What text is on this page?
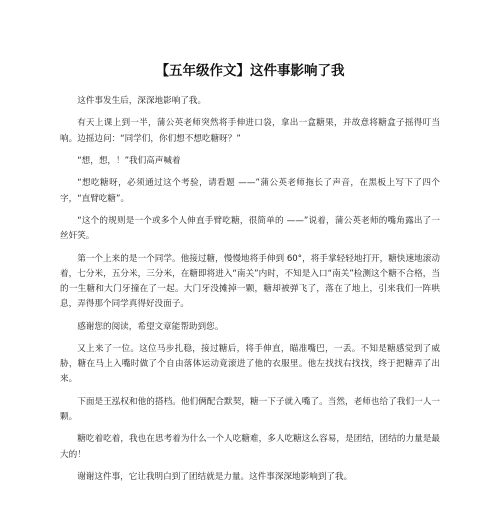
【五年级作文】这件事影响了我

这件事发生后，深深地影响了我。

有天上课上到一半，蒲公英老师突然将手伸进口袋，拿出一盒糖果，并故意将糖盒子摇得叮当响。边摇边问：“同学们，你们想不想吃糖呀？”

“想，想，！”我们高声喊着

“想吃糖呀，必须通过这个考验，请看题 ——”蒲公英老师拖长了声音，在黑板上写下了四个字，“直臂吃糖”。

“这个的规则是一个或多个人伸直手臂吃糖，很简单的 ——”说着，蒲公英老师的嘴角露出了一丝奸笑。

第一个上来的是一个同学。他接过糖，慢慢地将手伸到 60°，将手掌轻轻地打开，糖快速地滚动着，七分米，五分米，三分米，在糖即将进入“南关”内时，不知是入口“南关”检测这个糖不合格，当的一生糖和大门牙撞在了一起。大门牙没摊掉一颗，糖却被弹飞了，落在了地上，引来我们一阵哄息，弄得那个同学真得好没面子。

感谢您的阅读，希望文章能帮助到您。

又上来了一位。这位马步扎稳，接过糖后，将手伸直，瞄准嘴巴，一丢。不知是糖感觉到了威胁，糖在马上入嘴时做了个自由落体运动竟滚进了他的衣服里。他左找找右找找，终于把糖弄了出来。

下面是王泓权和他的搭档。他们俩配合默契，糖一下子就入嘴了。当然，老师也给了我们一人一颗。

糖吃着吃着，我也在思考着为什么一个人吃糖难，多人吃糖这么容易，是团结，团结的力量是最大的！

谢谢这件事，它让我明白到了团结就是力量。这件事深深地影响到了我。
